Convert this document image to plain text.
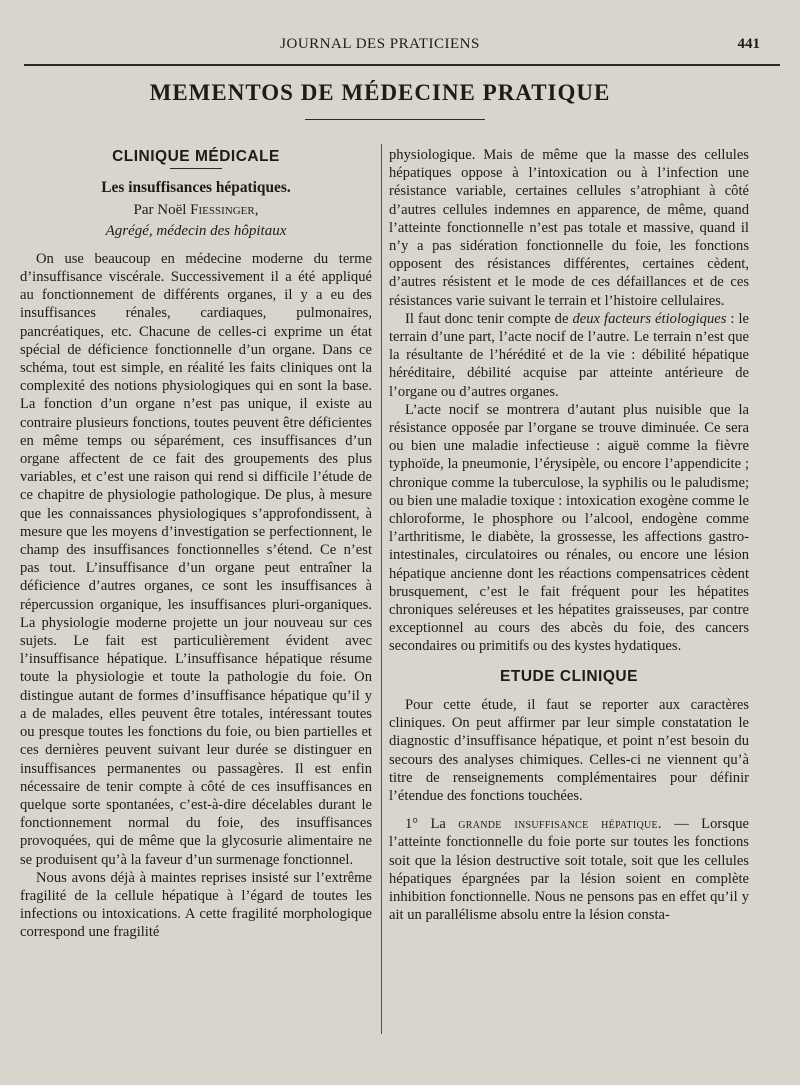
JOURNAL DES PRATICIENS	441
MEMENTOS DE MÉDECINE PRATIQUE
CLINIQUE MÉDICALE
Les insuffisances hépatiques.
Par Noël Fiessinger,
Agrégé, médecin des hôpitaux

On use beaucoup en médecine moderne du terme d’insuffisance viscérale. Successivement il a été appliqué au fonctionnement de différents organes, il y a eu des insuffisances rénales, cardiaques, pulmonaires, pancréatiques, etc. Chacune de celles-ci exprime un état spécial de déficience fonctionnelle d’un organe. Dans ce schéma, tout est simple, en réalité les faits cliniques ont la complexité des notions physiologiques qui en sont la base. La fonction d’un organe n’est pas unique, il existe au contraire plusieurs fonctions, toutes peuvent être déficientes en même temps ou séparément, ces insuffisances d’un organe affectent de ce fait des groupements des plus variables, et c’est une raison qui rend si difficile l’étude de ce chapitre de physiologie pathologique. De plus, à mesure que les connaissances physiologiques s’approfondissent, à mesure que les moyens d’investigation se perfectionnent, le champ des insuffisances fonctionnelles s’étend. Ce n’est pas tout. L’insuffisance d’un organe peut entraîner la déficience d’autres organes, ce sont les insuffisances à répercussion organique, les insuffisances pluri-organiques. La physiologie moderne projette un jour nouveau sur ces sujets. Le fait est particulièrement évident avec l’insuffisance hépatique. L’insuffisance hépatique résume toute la physiologie et toute la pathologie du foie. On distingue autant de formes d’insuffisance hépatique qu’il y a de malades, elles peuvent être totales, intéressant toutes ou presque toutes les fonctions du foie, ou bien partielles et ces dernières peuvent suivant leur durée se distinguer en insuffisances permanentes ou passagères. Il est enfin nécessaire de tenir compte à côté de ces insuffisances en quelque sorte spontanées, c’est-à-dire décelables durant le fonctionnement normal du foie, des insuffisances provoquées, qui de même que la glycosurie alimentaire ne se produisent qu’à la faveur d’un surmenage fonctionnel.

Nous avons déjà à maintes reprises insisté sur l’extrême fragilité de la cellule hépatique à l’égard de toutes les infections ou intoxications. A cette fragilité morphologique correspond une fragilité

physiologique. Mais de même que la masse des cellules hépatiques oppose à l’intoxication ou à l’infection une résistance variable, certaines cellules s’atrophiant à côté d’autres cellules indemnes en apparence, de même, quand l’atteinte fonctionnelle n’est pas totale et massive, quand il n’y a pas sidération fonctionnelle du foie, les fonctions opposent des résistances différentes, certaines cèdent, d’autres résistent et le mode de ces défaillances et de ces résistances varie suivant le terrain et l’histoire cellulaires.

Il faut donc tenir compte de deux facteurs étiologiques : le terrain d’une part, l’acte nocif de l’autre. Le terrain n’est que la résultante de l’hérédité et de la vie : débilité hépatique héréditaire, débilité acquise par atteinte antérieure de l’organe ou d’autres organes.

L’acte nocif se montrera d’autant plus nuisible que la résistance opposée par l’organe se trouve diminuée. Ce sera ou bien une maladie infectieuse : aiguë comme la fièvre typhoïde, la pneumonie, l’érysipèle, ou encore l’appendicite ; chronique comme la tuberculose, la syphilis ou le paludisme; ou bien une maladie toxique : intoxication exogène comme le chloroforme, le phosphore ou l’alcool, endogène comme l’arthritisme, le diabète, la grossesse, les affections gastro-intestinales, circulatoires ou rénales, ou encore une lésion hépatique ancienne dont les réactions compensatrices cèdent brusquement, c’est le fait fréquent pour les hépatites chroniques seléreuses et les hépatites graisseuses, par contre exceptionnel au cours des abcès du foie, des cancers secondaires ou primitifs ou des kystes hydatiques.

ETUDE CLINIQUE

Pour cette étude, il faut se reporter aux caractères cliniques. On peut affirmer par leur simple constatation le diagnostic d’insuffisance hépatique, et point n’est besoin du secours des analyses chimiques. Celles-ci ne viennent qu’à titre de renseignements complémentaires pour définir l’étendue des fonctions touchées.

1° La grande insuffisance hépatique. — Lorsque l’atteinte fonctionnelle du foie porte sur toutes les fonctions soit que la lésion destructive soit totale, soit que les cellules hépatiques épargnées par la lésion soient en complète inhibition fonctionnelle. Nous ne pensons pas en effet qu’il y ait un parallélisme absolu entre la lésion consta-
